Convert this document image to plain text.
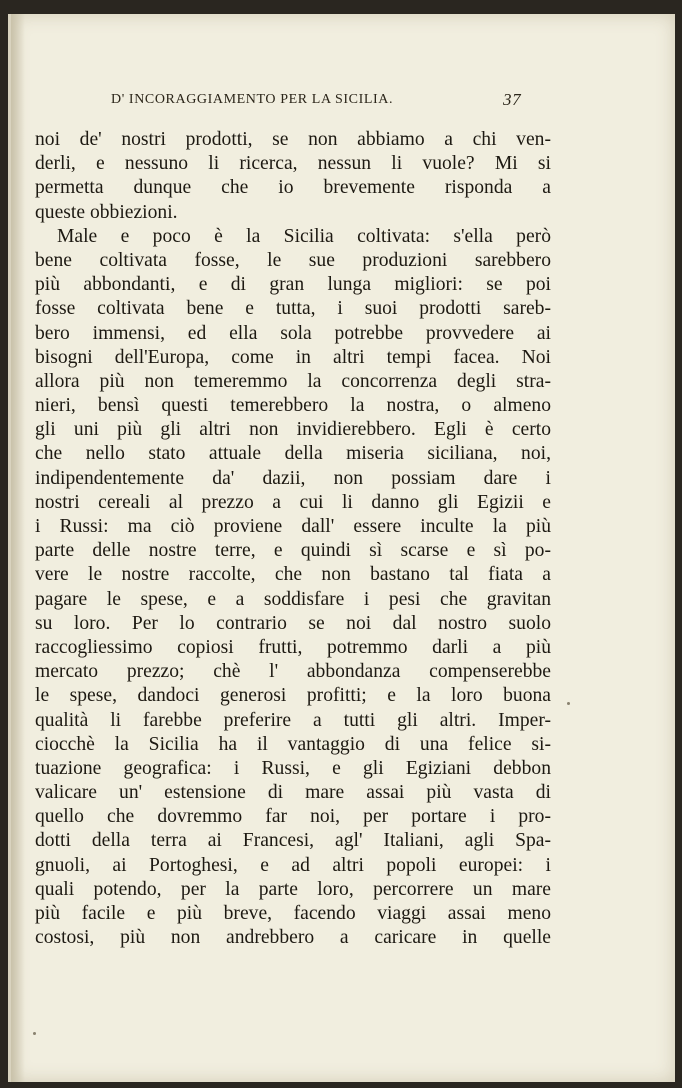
D' INCORAGGIAMENTO PER LA SICILIA.	37
noi de' nostri prodotti, se non abbiamo a chi ven-
derli, e nessuno li ricerca, nessun li vuole? Mi si
permetta dunque che io brevemente risponda a
queste obbiezioni.
Male e poco è la Sicilia coltivata: s'ella però
bene coltivata fosse, le sue produzioni sarebbero
più abbondanti, e di gran lunga migliori: se poi
fosse coltivata bene e tutta, i suoi prodotti sareb-
bero immensi, ed ella sola potrebbe provvedere ai
bisogni dell'Europa, come in altri tempi facea. Noi
allora più non temeremmo la concorrenza degli stra-
nieri, bensì questi temerebbero la nostra, o almeno
gli uni più gli altri non invidierebbero. Egli è certo
che nello stato attuale della miseria siciliana, noi,
indipendentemente da' dazii, non possiam dare i
nostri cereali al prezzo a cui li danno gli Egizii e
i Russi: ma ciò proviene dall' essere inculte la più
parte delle nostre terre, e quindi sì scarse e sì po-
vere le nostre raccolte, che non bastano tal fiata a
pagare le spese, e a soddisfare i pesi che gravitan
su loro. Per lo contrario se noi dal nostro suolo
raccogliessimo copiosi frutti, potremmo darli a più
mercato prezzo; chè l' abbondanza compenserebbe
le spese, dandoci generosi profitti; e la loro buona
qualità li farebbe preferire a tutti gli altri. Imper-
ciocchè la Sicilia ha il vantaggio di una felice si-
tuazione geografica: i Russi, e gli Egiziani debbon
valicare un' estensione di mare assai più vasta di
quello che dovremmo far noi, per portare i pro-
dotti della terra ai Francesi, agl' Italiani, agli Spa-
gnuoli, ai Portoghesi, e ad altri popoli europei: i
quali potendo, per la parte loro, percorrere un mare
più facile e più breve, facendo viaggi assai meno
costosi, più non andrebbero a caricare in quelle
